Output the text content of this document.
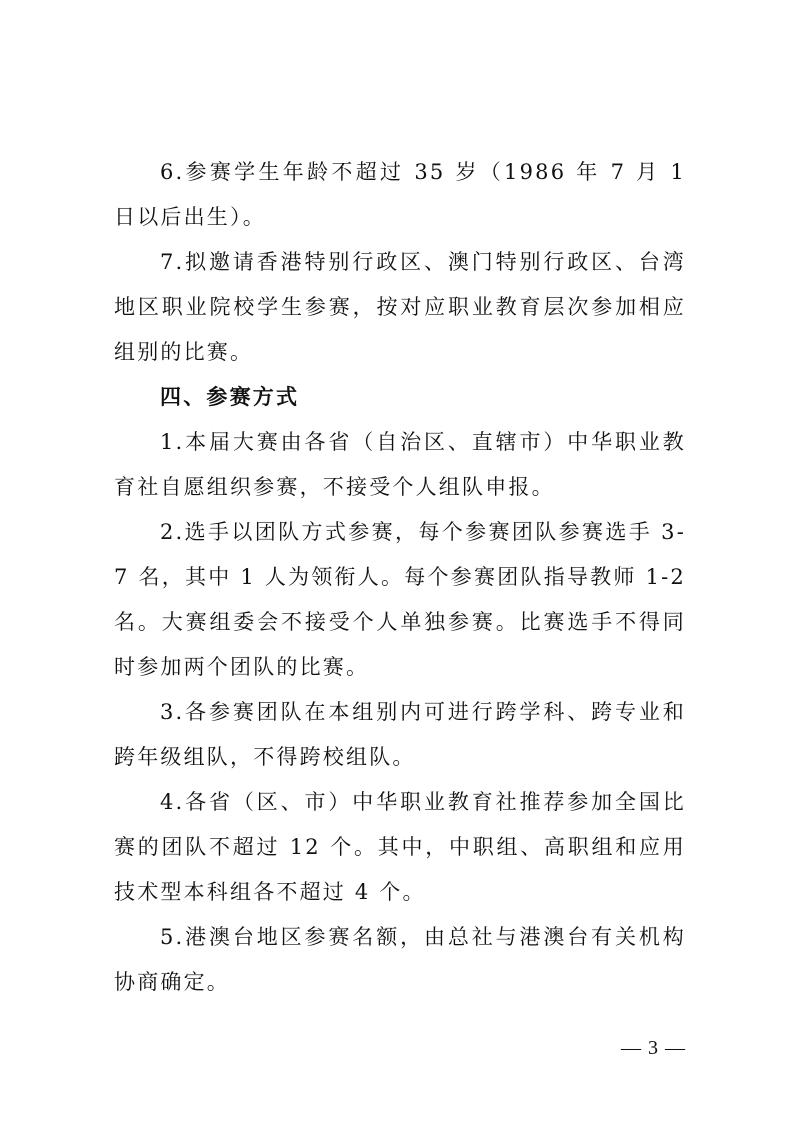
6.参赛学生年龄不超过 35 岁（1986 年 7 月 1 日以后出生）。

7.拟邀请香港特别行政区、澳门特别行政区、台湾地区职业院校学生参赛，按对应职业教育层次参加相应组别的比赛。

四、参赛方式

1.本届大赛由各省（自治区、直辖市）中华职业教育社自愿组织参赛，不接受个人组队申报。

2.选手以团队方式参赛，每个参赛团队参赛选手 3-7 名，其中 1 人为领衔人。每个参赛团队指导教师 1-2 名。大赛组委会不接受个人单独参赛。比赛选手不得同时参加两个团队的比赛。

3.各参赛团队在本组别内可进行跨学科、跨专业和跨年级组队，不得跨校组队。

4.各省（区、市）中华职业教育社推荐参加全国比赛的团队不超过 12 个。其中，中职组、高职组和应用技术型本科组各不超过 4 个。

5.港澳台地区参赛名额，由总社与港澳台有关机构协商确定。

— 3 —
